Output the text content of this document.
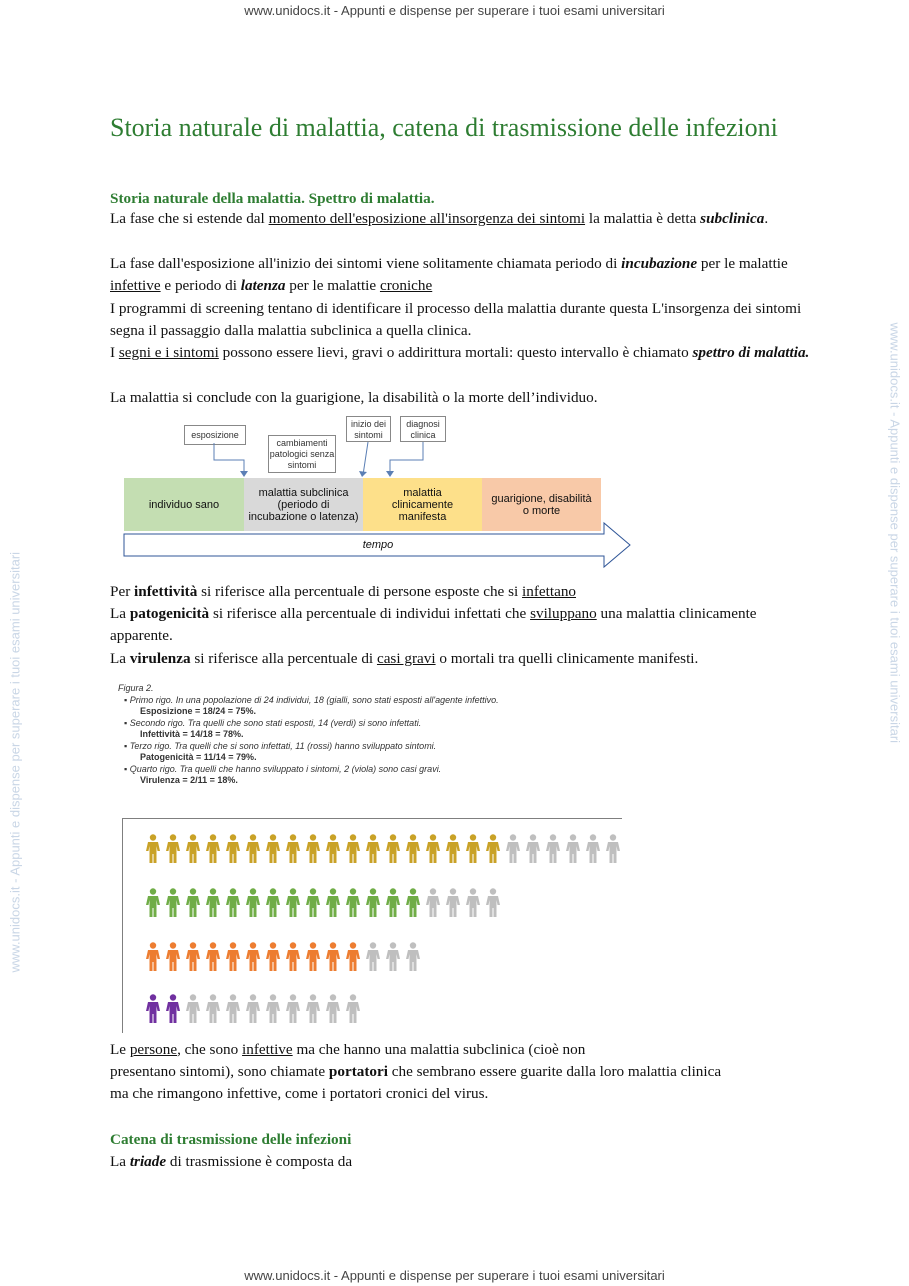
www.unidocs.it - Appunti e dispense per superare i tuoi esami universitari
www.unidocs.it - Appunti e dispense per superare i tuoi esami universitari
www.unidocs.it - Appunti e dispense per superare i tuoi esami universitari
Storia naturale di malattia, catena di trasmissione delle infezioni
Storia naturale della malattia. Spettro di malattia.
La fase che si estende dal momento dell'esposizione all'insorgenza dei sintomi la malattia è detta subclinica.
La fase dall'esposizione all'inizio dei sintomi viene solitamente chiamata periodo di incubazione per le malattie infettive e periodo di latenza per le malattie croniche
I programmi di screening tentano di identificare il processo della malattia durante questa L'insorgenza dei sintomi segna il passaggio dalla malattia subclinica a quella clinica.
I segni e i sintomi possono essere lievi, gravi o addirittura mortali: questo intervallo è chiamato spettro di malattia.
La malattia si conclude con la guarigione, la disabilità o la morte dell’individuo.
esposizione
cambiamenti patologici senza sintomi
inizio dei sintomi
diagnosi clinica
individuo sano
malattia subclinica (periodo di incubazione o latenza)
malattia clinicamente manifesta
guarigione, disabilità o morte
tempo
Per infettività si riferisce alla percentuale di persone esposte che si infettano
La patogenicità si riferisce alla percentuale di individui infettati che sviluppano una malattia clinicamente apparente.
La virulenza si riferisce alla percentuale di casi gravi o mortali tra quelli clinicamente manifesti.
Figura 2.
▪ Primo rigo. In una popolazione di 24 individui, 18 (gialli, sono stati esposti all'agente infettivo.
Esposizione = 18/24 = 75%.
▪ Secondo rigo. Tra quelli che sono stati esposti, 14 (verdi) si sono infettati.
Infettività = 14/18 = 78%.
▪ Terzo rigo. Tra quelli che si sono infettati, 11 (rossi) hanno sviluppato sintomi.
Patogenicità = 11/14 = 79%.
▪ Quarto rigo. Tra quelli che hanno sviluppato i sintomi, 2 (viola) sono casi gravi.
Virulenza = 2/11 = 18%.
Le persone, che sono infettive ma che hanno una malattia subclinica (cioè non
presentano sintomi), sono chiamate portatori che sembrano essere guarite dalla loro malattia clinica
ma che rimangono infettive, come i portatori cronici del virus.
Catena di trasmissione delle infezioni
La triade di trasmissione è composta da
www.unidocs.it - Appunti e dispense per superare i tuoi esami universitari
